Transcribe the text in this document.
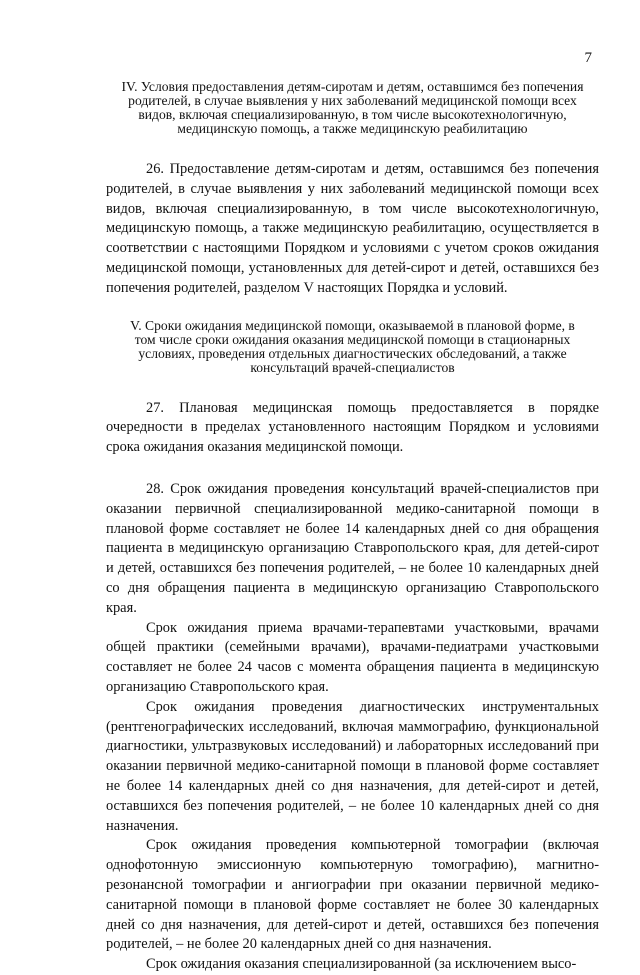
7
IV. Условия предоставления детям-сиротам и детям, оставшимся без попечения родителей, в случае выявления у них заболеваний медицинской помощи всех видов, включая специализированную, в том числе высокотехнологичную, медицинскую помощь, а также медицинскую реабилитацию

26. Предоставление детям-сиротам и детям, оставшимся без попечения родителей, в случае выявления у них заболеваний медицинской помощи всех видов, включая специализированную, в том числе высокотехнологичную, медицинскую помощь, а также медицинскую реабилитацию, осуществляется в соответствии с настоящими Порядком и условиями с учетом сроков ожидания медицинской помощи, установленных для детей-сирот и детей, оставшихся без попечения родителей, разделом V настоящих Порядка и условий.

V. Сроки ожидания медицинской помощи, оказываемой в плановой форме, в том числе сроки ожидания оказания медицинской помощи в стационарных условиях, проведения отдельных диагностических обследований, а также консультаций врачей-специалистов

27. Плановая медицинская помощь предоставляется в порядке очередности в пределах установленного настоящим Порядком и условиями срока ожидания оказания медицинской помощи.

28. Срок ожидания проведения консультаций врачей-специалистов при оказании первичной специализированной медико-санитарной помощи в плановой форме составляет не более 14 календарных дней со дня обращения пациента в медицинскую организацию Ставропольского края, для детей-сирот и детей, оставшихся без попечения родителей, – не более 10 календарных дней со дня обращения пациента в медицинскую организацию Ставропольского края.

Срок ожидания приема врачами-терапевтами участковыми, врачами общей практики (семейными врачами), врачами-педиатрами участковыми составляет не более 24 часов с момента обращения пациента в медицинскую организацию Ставропольского края.

Срок ожидания проведения диагностических инструментальных (рентгенографических исследований, включая маммографию, функциональной диагностики, ультразвуковых исследований) и лабораторных исследований при оказании первичной медико-санитарной помощи в плановой форме составляет не более 14 календарных дней со дня назначения, для детей-сирот и детей, оставшихся без попечения родителей, – не более 10 календарных дней со дня назначения.

Срок ожидания проведения компьютерной томографии (включая однофотонную эмиссионную компьютерную томографию), магнитно-резонансной томографии и ангиографии при оказании первичной медико-санитарной помощи в плановой форме составляет не более 30 календарных дней со дня назначения, для детей-сирот и детей, оставшихся без попечения родителей, – не более 20 календарных дней со дня назначения.

Срок ожидания оказания специализированной (за исключением высо-
